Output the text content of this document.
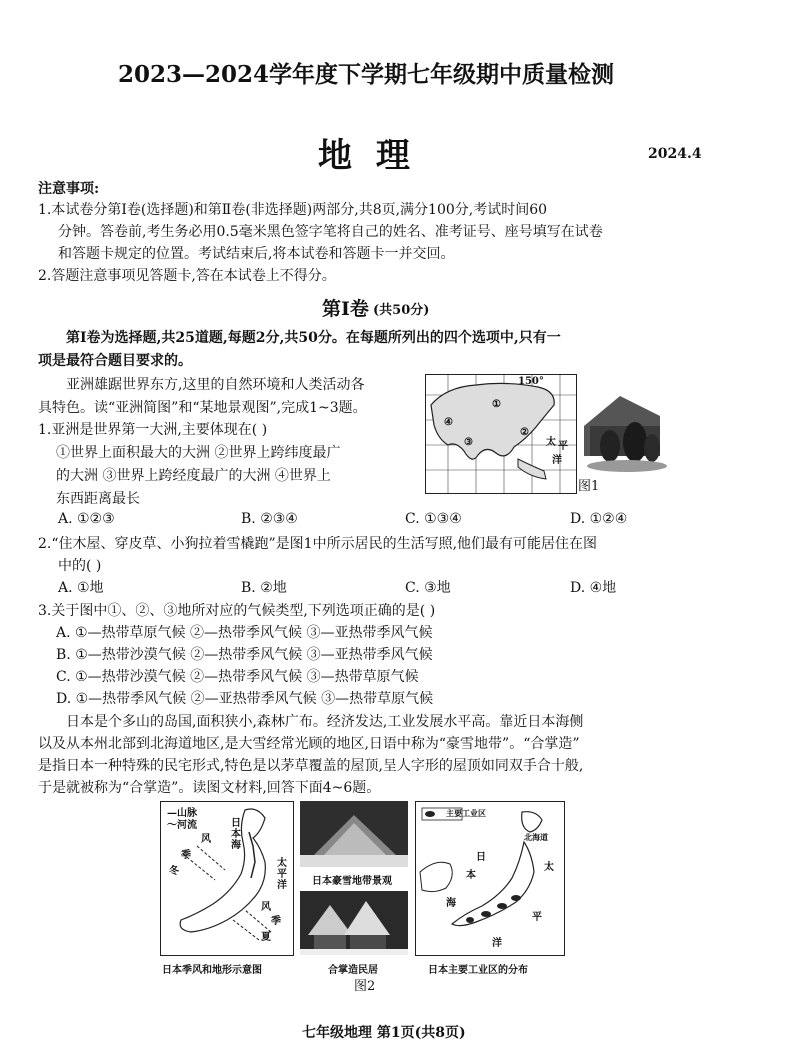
2023—2024学年度下学期七年级期中质量检测
地 理	2024.4
注意事项:
1.本试卷分第Ⅰ卷(选择题)和第Ⅱ卷(非选择题)两部分,共8页,满分100分,考试时间60
分钟。答卷前,考生务必用0.5毫米黑色签字笔将自己的姓名、准考证号、座号填写在试卷
和答题卡规定的位置。考试结束后,将本试卷和答题卡一并交回。
2.答题注意事项见答题卡,答在本试卷上不得分。
第Ⅰ卷 (共50分)
第Ⅰ卷为选择题,共25道题,每题2分,共50分。在每题所列出的四个选项中,只有一
项是最符合题目要求的。
亚洲雄踞世界东方,这里的自然环境和人类活动各
具特色。读“亚洲简图”和“某地景观图”,完成1~3题。
150°
①
②
③
④
太 平
洋
图1
1.亚洲是世界第一大洲,主要体现在( )
①世界上面积最大的大洲 ②世界上跨纬度最广
的大洲 ③世界上跨经度最广的大洲 ④世界上
东西距离最长
A. ①②③	B. ②③④	C. ①③④	D. ①②④
2.“住木屋、穿皮草、小狗拉着雪橇跑”是图1中所示居民的生活写照,他们最有可能居住在图
中的( )
A. ①地	B. ②地	C. ③地	D. ④地
3.关于图中①、②、③地所对应的气候类型,下列选项正确的是( )
A. ①—热带草原气候 ②—热带季风气候 ③—亚热带季风气候
B. ①—热带沙漠气候 ②—热带季风气候 ③—亚热带季风气候
C. ①—热带沙漠气候 ②—热带季风气候 ③—热带草原气候
D. ①—热带季风气候 ②—亚热带季风气候 ③—热带草原气候
日本是个多山的岛国,面积狭小,森林广布。经济发达,工业发展水平高。靠近日本海侧
以及从本州北部到北海道地区,是大雪经常光顾的地区,日语中称为“豪雪地带”。“合掌造”
是指日本一种特殊的民宅形式,特色是以茅草覆盖的屋顶,呈人字形的屋顶如同双手合十般,
于是就被称为“合掌造”。读图文材料,回答下面4~6题。
—山脉
〜河流	日
本
海
风
季
冬
太
平
洋
风
季
夏
日本季风和地形示意图
日本豪雪地带景观
合掌造民居
主要工业区
日
本
海
太
平
洋
北海道
日本主要工业区的分布
图2
七年级地理 第1页(共8页)
